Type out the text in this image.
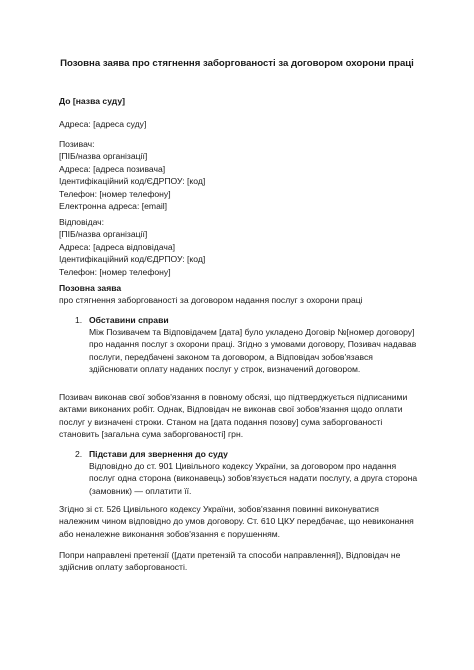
Позовна заява про стягнення заборгованості за договором охорони праці
До [назва суду]
Адреса: [адреса суду]
Позивач:
[ПІБ/назва організації]
Адреса: [адреса позивача]
Ідентифікаційний код/ЄДРПОУ: [код]
Телефон: [номер телефону]
Електронна адреса: [email]
Відповідач:
[ПІБ/назва організації]
Адреса: [адреса відповідача]
Ідентифікаційний код/ЄДРПОУ: [код]
Телефон: [номер телефону]
Позовна заява
про стягнення заборгованості за договором надання послуг з охорони праці
1. Обставини справи
Між Позивачем та Відповідачем [дата] було укладено Договір №[номер договору] про надання послуг з охорони праці. Згідно з умовами договору, Позивач надавав послуги, передбачені законом та договором, а Відповідач зобов'язався здійснювати оплату наданих послуг у строк, визначений договором.
Позивач виконав свої зобов'язання в повному обсязі, що підтверджується підписаними актами виконаних робіт. Однак, Відповідач не виконав свої зобов'язання щодо оплати послуг у визначені строки. Станом на [дата подання позову] сума заборгованості становить [загальна сума заборгованості] грн.
2. Підстави для звернення до суду
Відповідно до ст. 901 Цивільного кодексу України, за договором про надання послуг одна сторона (виконавець) зобов'язується надати послугу, а друга сторона (замовник) — оплатити її.
Згідно зі ст. 526 Цивільного кодексу України, зобов'язання повинні виконуватися належним чином відповідно до умов договору. Ст. 610 ЦКУ передбачає, що невиконання або неналежне виконання зобов'язання є порушенням.
Попри направлені претензії ([дати претензій та способи направлення]), Відповідач не здійснив оплату заборгованості.
